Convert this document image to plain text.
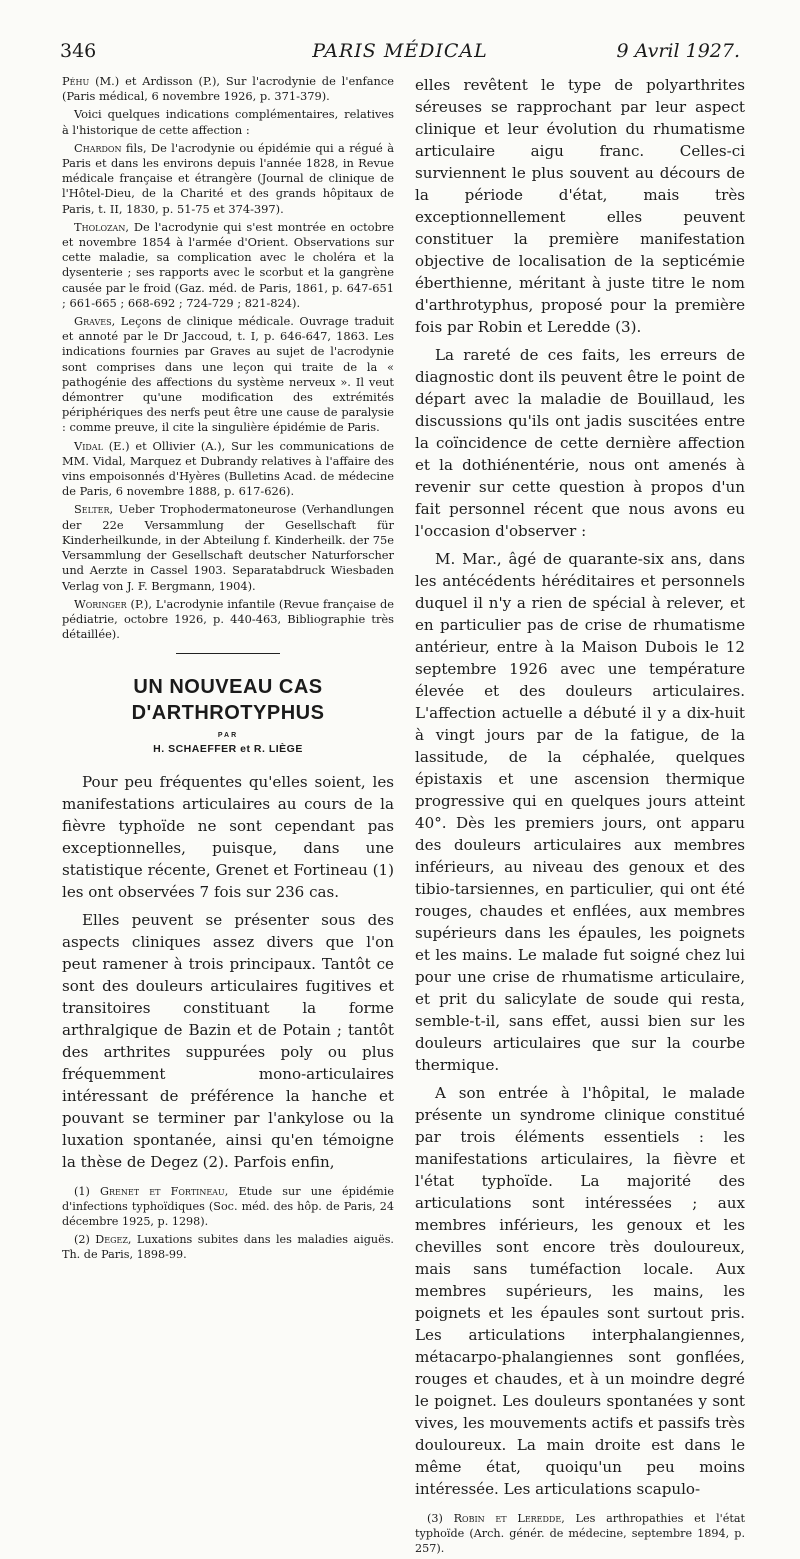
346	PARIS MÉDICAL	9 Avril 1927.

Péhu (M.) et Ardisson (P.), Sur l'acrodynie de l'enfance (Paris médical, 6 novembre 1926, p. 371-379).

Voici quelques indications complémentaires, relatives à l'historique de cette affection :

Chardon fils, De l'acrodynie ou épidémie qui a régué à Paris et dans les environs depuis l'année 1828, in Revue médicale française et étrangère (Journal de clinique de l'Hôtel-Dieu, de la Charité et des grands hôpitaux de Paris, t. II, 1830, p. 51-75 et 374-397).

Tholozan, De l'acrodynie qui s'est montrée en octobre et novembre 1854 à l'armée d'Orient. Observations sur cette maladie, sa complication avec le choléra et la dysenterie ; ses rapports avec le scorbut et la gangrène causée par le froid (Gaz. méd. de Paris, 1861, p. 647-651 ; 661-665 ; 668-692 ; 724-729 ; 821-824).

Graves, Leçons de clinique médicale. Ouvrage traduit et annoté par le Dr Jaccoud, t. I, p. 646-647, 1863. Les indications fournies par Graves au sujet de l'acrodynie sont comprises dans une leçon qui traite de la « pathogénie des affections du système nerveux ». Il veut démontrer qu'une modification des extrémités périphériques des nerfs peut être une cause de paralysie : comme preuve, il cite la singulière épidémie de Paris.

Vidal (E.) et Ollivier (A.), Sur les communications de MM. Vidal, Marquez et Dubrandy relatives à l'affaire des vins empoisonnés d'Hyères (Bulletins Acad. de médecine de Paris, 6 novembre 1888, p. 617-626).

Selter, Ueber Trophodermatoneurose (Verhandlungen der 22e Versammlung der Gesellschaft für Kinderheilkunde, in der Abteilung f. Kinderheilk. der 75e Versammlung der Gesellschaft deutscher Naturforscher und Aerzte in Cassel 1903. Separatabdruck Wiesbaden Verlag von J. F. Bergmann, 1904).

Woringer (P.), L'acrodynie infantile (Revue française de pédiatrie, octobre 1926, p. 440-463, Bibliographie très détaillée).

UN NOUVEAU CAS
D'ARTHROTYPHUS
PAR
H. SCHAEFFER et R. LIÈGE

Pour peu fréquentes qu'elles soient, les manifestations articulaires au cours de la fièvre typhoïde ne sont cependant pas exceptionnelles, puisque, dans une statistique récente, Grenet et Fortineau (1) les ont observées 7 fois sur 236 cas.

Elles peuvent se présenter sous des aspects cliniques assez divers que l'on peut ramener à trois principaux. Tantôt ce sont des douleurs articulaires fugitives et transitoires constituant la forme arthralgique de Bazin et de Potain ; tantôt des arthrites suppurées poly ou plus fréquemment mono-articulaires intéressant de préférence la hanche et pouvant se terminer par l'ankylose ou la luxation spontanée, ainsi qu'en témoigne la thèse de Degez (2). Parfois enfin,

(1) Grenet et Fortineau, Etude sur une épidémie d'infections typhoïdiques (Soc. méd. des hôp. de Paris, 24 décembre 1925, p. 1298).

(2) Degez, Luxations subites dans les maladies aiguës. Th. de Paris, 1898-99.

elles revêtent le type de polyarthrites séreuses se rapprochant par leur aspect clinique et leur évolution du rhumatisme articulaire aigu franc. Celles-ci surviennent le plus souvent au décours de la période d'état, mais très exceptionnellement elles peuvent constituer la première manifestation objective de localisation de la septicémie éberthienne, méritant à juste titre le nom d'arthrotyphus, proposé pour la première fois par Robin et Leredde (3).

La rareté de ces faits, les erreurs de diagnostic dont ils peuvent être le point de départ avec la maladie de Bouillaud, les discussions qu'ils ont jadis suscitées entre la coïncidence de cette dernière affection et la dothiénentérie, nous ont amenés à revenir sur cette question à propos d'un fait personnel récent que nous avons eu l'occasion d'observer :

M. Mar., âgé de quarante-six ans, dans les antécédents héréditaires et personnels duquel il n'y a rien de spécial à relever, et en particulier pas de crise de rhumatisme antérieur, entre à la Maison Dubois le 12 septembre 1926 avec une température élevée et des douleurs articulaires. L'affection actuelle a débuté il y a dix-huit à vingt jours par de la fatigue, de la lassitude, de la céphalée, quelques épistaxis et une ascension thermique progressive qui en quelques jours atteint 40°. Dès les premiers jours, ont apparu des douleurs articulaires aux membres inférieurs, au niveau des genoux et des tibio-tarsiennes, en particulier, qui ont été rouges, chaudes et enflées, aux membres supérieurs dans les épaules, les poignets et les mains. Le malade fut soigné chez lui pour une crise de rhumatisme articulaire, et prit du salicylate de soude qui resta, semble-t-il, sans effet, aussi bien sur les douleurs articulaires que sur la courbe thermique.

A son entrée à l'hôpital, le malade présente un syndrome clinique constitué par trois éléments essentiels : les manifestations articulaires, la fièvre et l'état typhoïde. La majorité des articulations sont intéressées ; aux membres inférieurs, les genoux et les chevilles sont encore très douloureux, mais sans tuméfaction locale. Aux membres supérieurs, les mains, les poignets et les épaules sont surtout pris. Les articulations interphalangiennes, métacarpo-phalangiennes sont gonflées, rouges et chaudes, et à un moindre degré le poignet. Les douleurs spontanées y sont vives, les mouvements actifs et passifs très douloureux. La main droite est dans le même état, quoiqu'un peu moins intéressée. Les articulations scapulo-

(3) Robin et Leredde, Les arthropathies et l'état typhoïde (Arch. génér. de médecine, septembre 1894, p. 257).
